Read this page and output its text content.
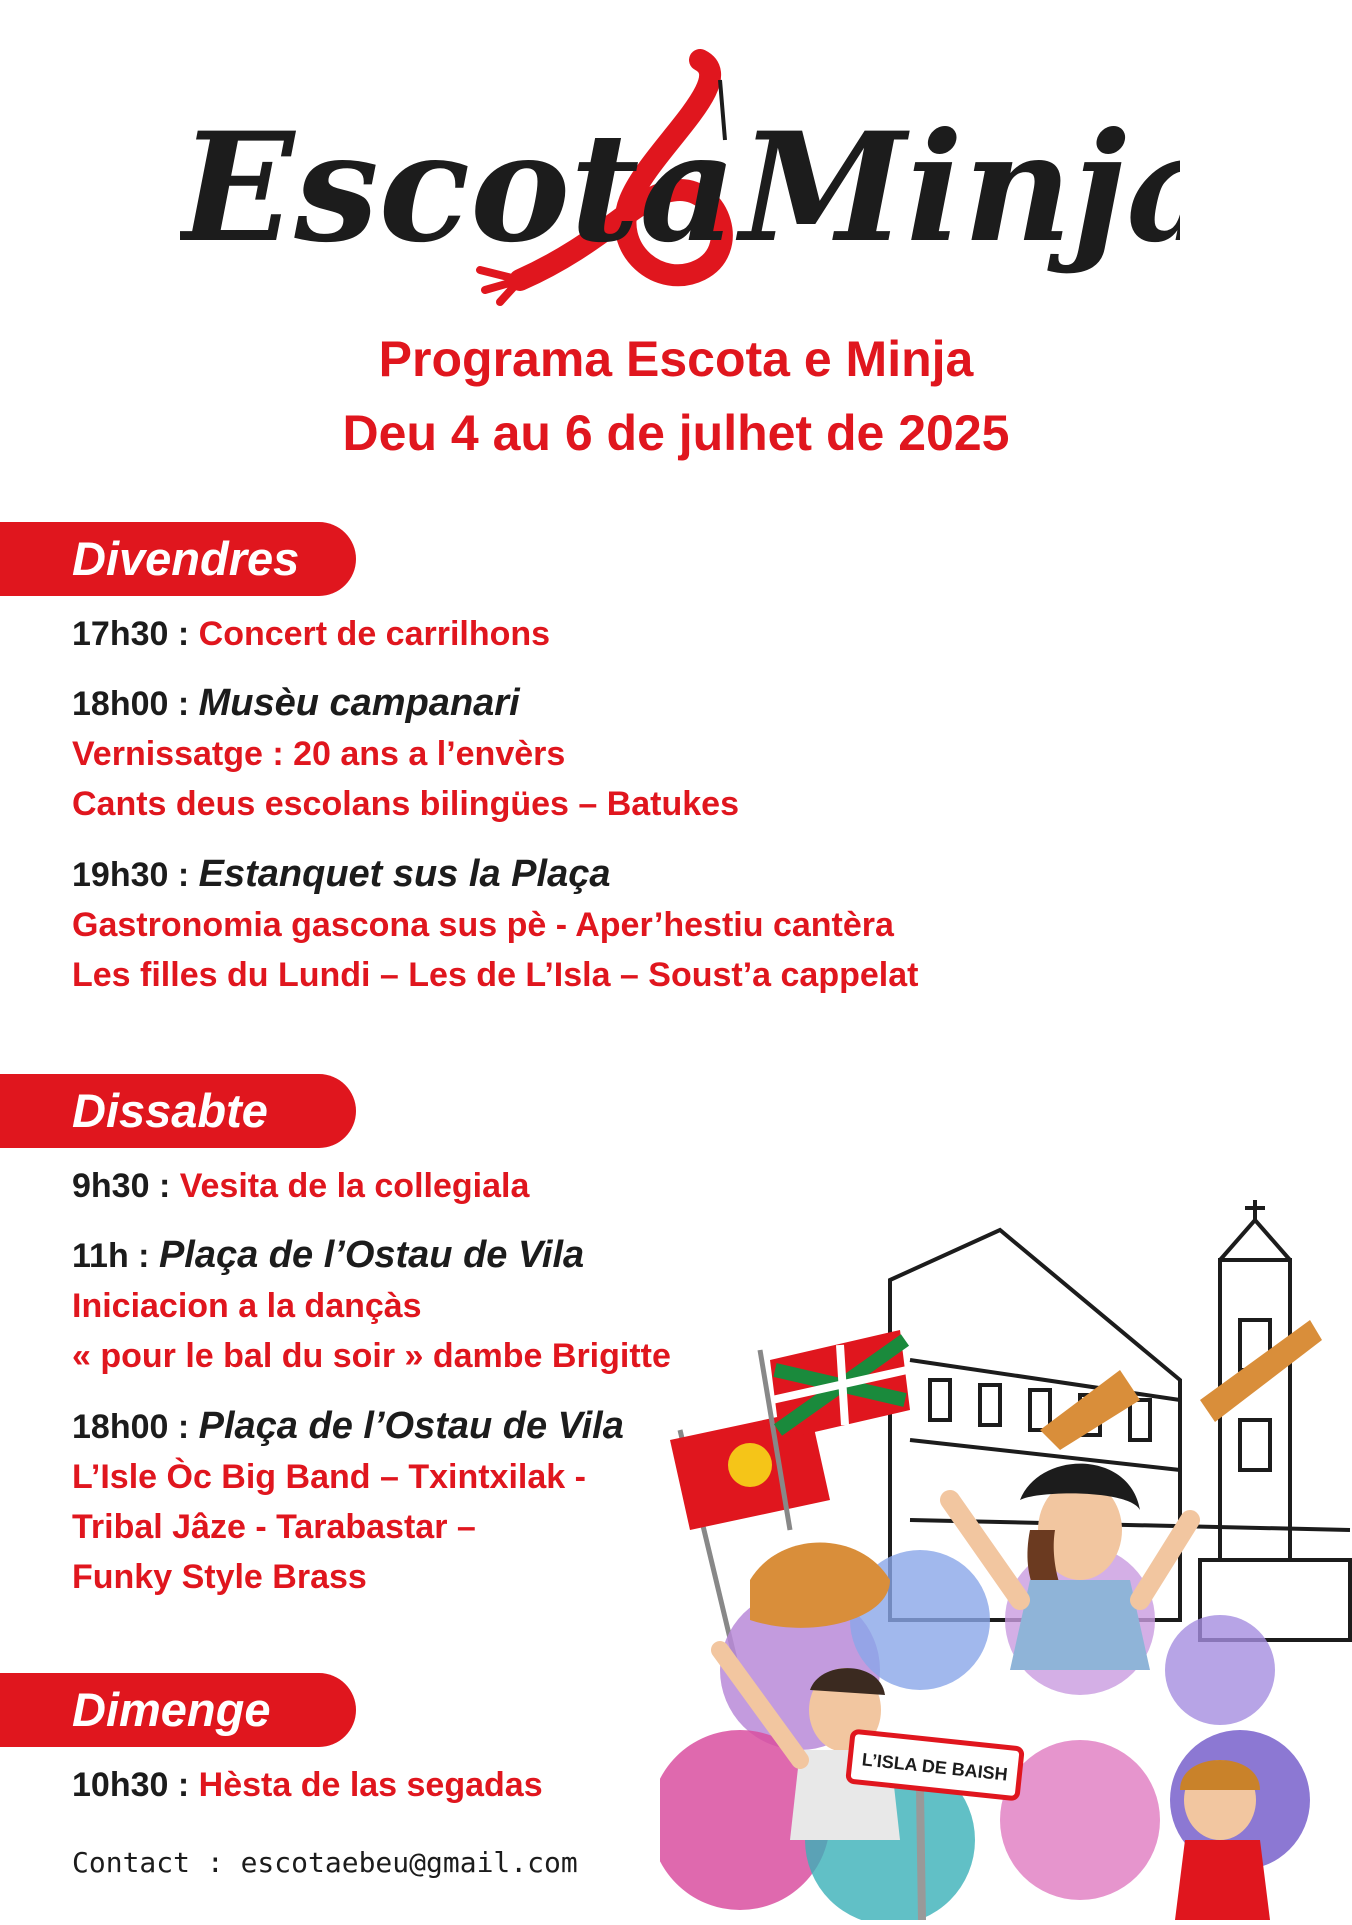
Escota Minja
Programa Escota e Minja
Deu 4 au 6 de julhet de 2025
Divendres
17h30 : Concert de carrilhons
18h00 : Musèu campanari
Vernissatge : 20 ans a l’envèrs
Cants deus escolans bilingües – Batukes
19h30 : Estanquet sus la Plaça
Gastronomia gascona sus pè - Aper’hestiu cantèra
Les filles du Lundi – Les de L’Isla – Soust’a cappelat
Dissabte
9h30 : Vesita de la collegiala
11h : Plaça de l’Ostau de Vila
Iniciacion a la dançàs
« pour le bal du soir » dambe Brigitte
18h00 : Plaça de l’Ostau de Vila
L’Isle Òc Big Band – Txintxilak -
Tribal Jâze - Tarabastar –
Funky Style Brass
Dimenge
10h30 : Hèsta de las segadas
Contact : escotaebeu@gmail.com
L’ISLA DE BAISH
